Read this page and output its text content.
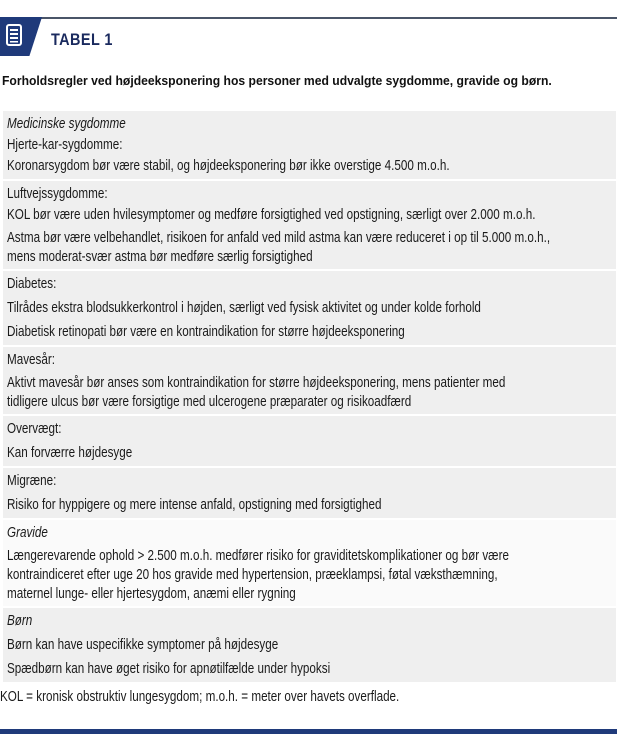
TABEL 1
Forholdsregler ved højdeeksponering hos personer med udvalgte sygdomme, gravide og børn.
Medicinske sygdomme
Hjerte-kar-sygdomme:
Koronarsygdom bør være stabil, og højdeeksponering bør ikke overstige 4.500 m.o.h.
Luftvejssygdomme:
KOL bør være uden hvilesymptomer og medføre forsigtighed ved opstigning, særligt over 2.000 m.o.h.
Astma bør være velbehandlet, risikoen for anfald ved mild astma kan være reduceret i op til 5.000 m.o.h.,
mens moderat-svær astma bør medføre særlig forsigtighed
Diabetes:
Tilrådes ekstra blodsukkerkontrol i højden, særligt ved fysisk aktivitet og under kolde forhold
Diabetisk retinopati bør være en kontraindikation for større højdeeksponering
Mavesår:
Aktivt mavesår bør anses som kontraindikation for større højdeeksponering, mens patienter med
tidligere ulcus bør være forsigtige med ulcerogene præparater og risikoadfærd
Overvægt:
Kan forværre højdesyge
Migræne:
Risiko for hyppigere og mere intense anfald, opstigning med forsigtighed
Gravide
Længerevarende ophold > 2.500 m.o.h. medfører risiko for graviditetskomplikationer og bør være
kontraindiceret efter uge 20 hos gravide med hypertension, præeklampsi, føtal væksthæmning,
maternel lunge- eller hjertesygdom, anæmi eller rygning
Børn
Børn kan have uspecifikke symptomer på højdesyge
Spædbørn kan have øget risiko for apnøtilfælde under hypoksi
KOL = kronisk obstruktiv lungesygdom; m.o.h. = meter over havets overflade.
